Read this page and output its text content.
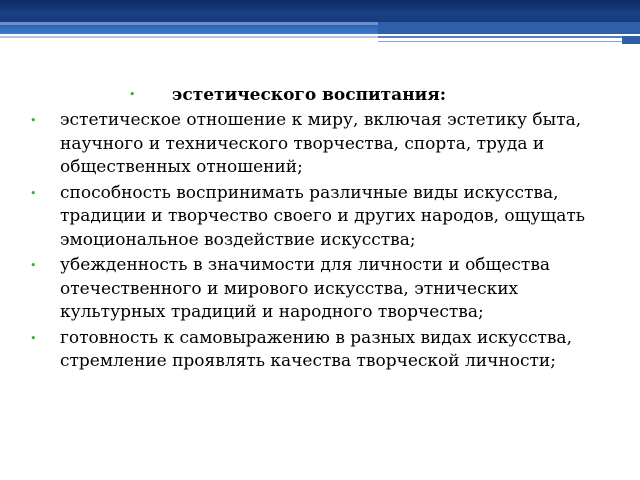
• эстетического воспитания:
• эстетическое отношение к миру, включая эстетику быта, научного и технического творчества, спорта, труда и общественных отношений;
• способность воспринимать различные виды искусства, традиции и творчество своего и других народов, ощущать эмоциональное воздействие искусства;
• убежденность в значимости для личности и общества отечественного и мирового искусства, этнических культурных традиций и народного творчества;
• готовность к самовыражению в разных видах искусства, стремление проявлять качества творческой личности;
